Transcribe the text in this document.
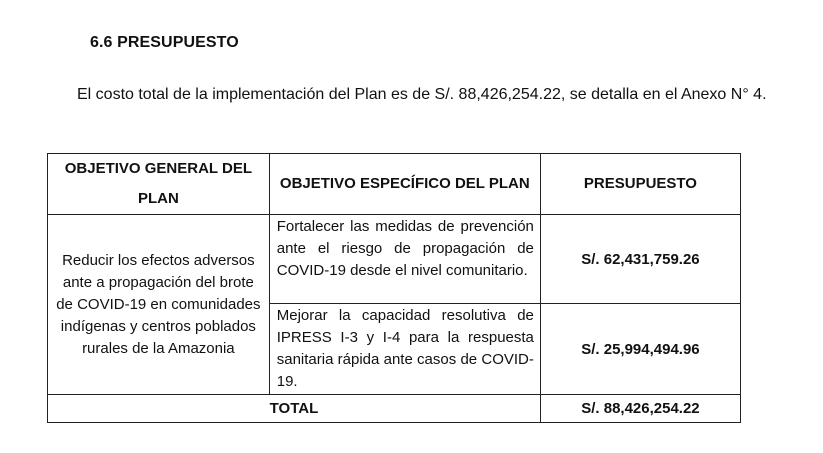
6.6 PRESUPUESTO
El costo total de la implementación del Plan es de S/. 88,426,254.22, se detalla en el Anexo N° 4.
OBJETIVO GENERAL DEL PLAN	OBJETIVO ESPECÍFICO DEL PLAN	PRESUPUESTO
Reducir los efectos adversos ante a propagación del brote de COVID-19 en comunidades indígenas y centros poblados rurales de la Amazonia	Fortalecer las medidas de prevención ante el riesgo de propagación de COVID-19 desde el nivel comunitario.	S/. 62,431,759.26
	Mejorar la capacidad resolutiva de IPRESS I-3 y I-4 para la respuesta sanitaria rápida ante casos de COVID-19.	S/. 25,994,494.96
TOTAL		S/. 88,426,254.22
